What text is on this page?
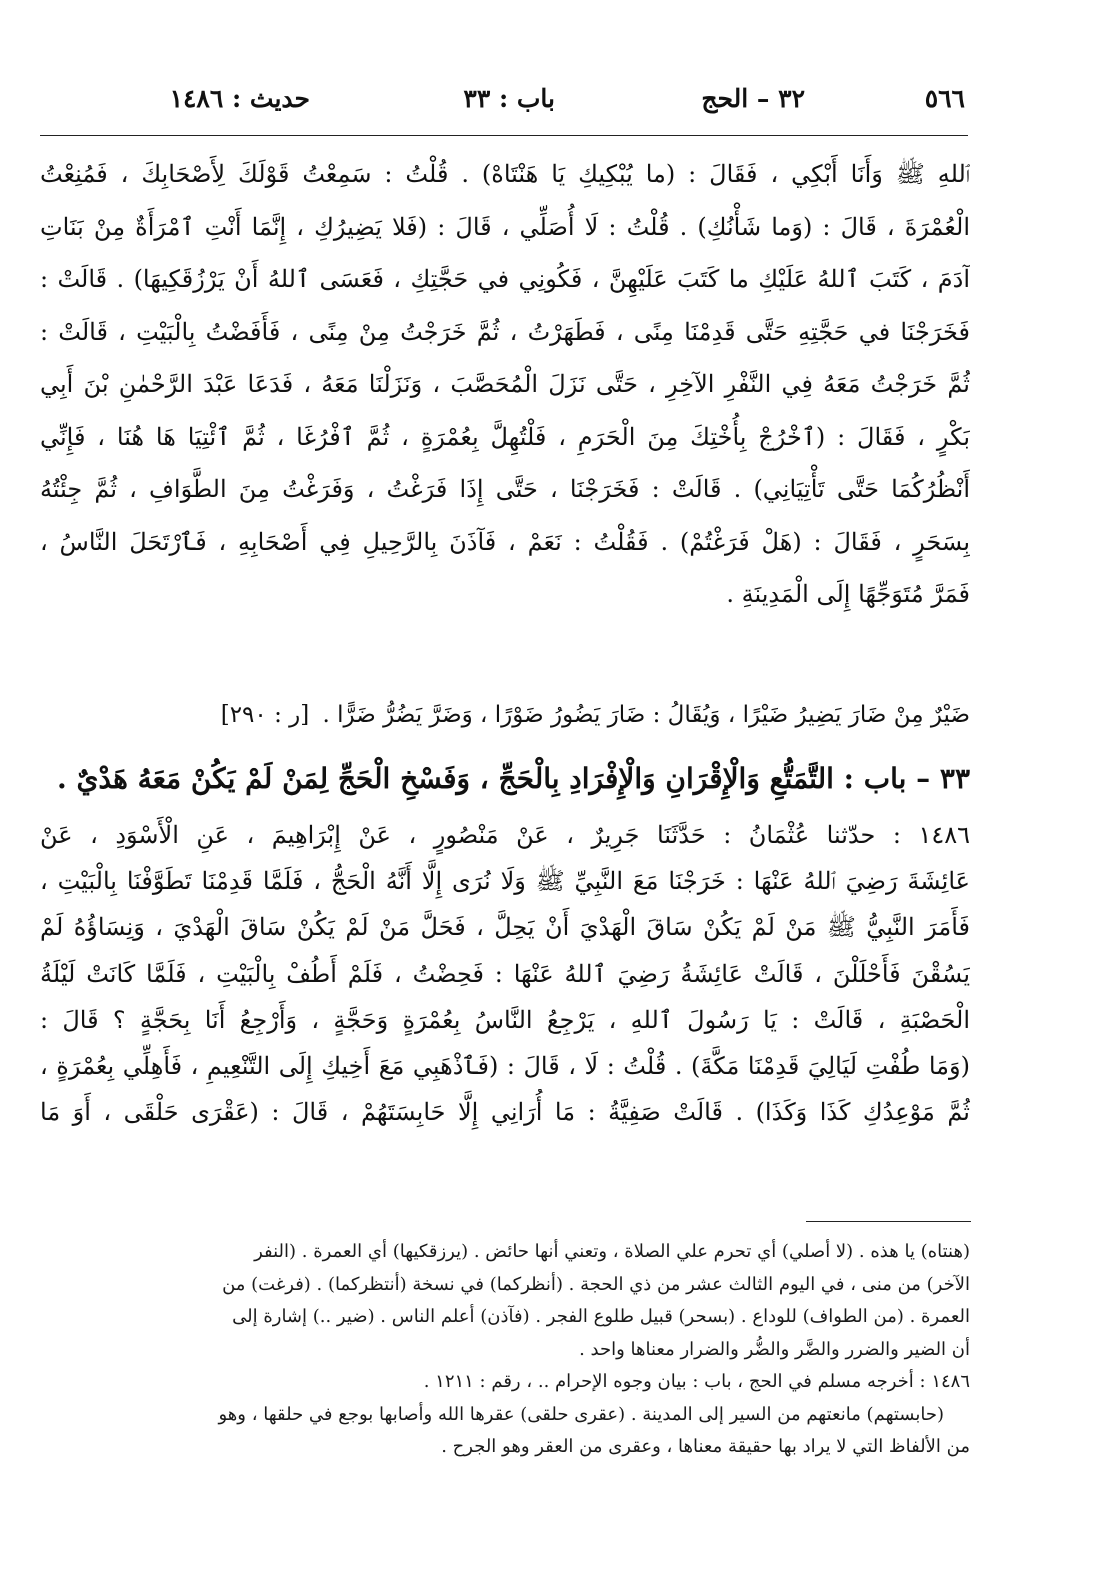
٥٦٦
٣٢ – الحج
باب : ٣٣
حديث : ١٤٨٦
ٱللهِ ﷺ وَأَنَا أَبْكِي ، فَقَالَ : (ما يُبْكِيكِ يَا هَنْتَاهْ) . قُلْتُ : سَمِعْتُ قَوْلَكَ لِأَصْحَابِكَ ، فَمُنِعْتُ
الْعُمْرَةَ ، قَالَ : (وَما شَأْنُكِ) . قُلْتُ : لَا أُصَلِّي ، قَالَ : (فَلا يَضِيرُكِ ، إِنَّمَا أَنْتِ ٱمْرَأَةٌ مِنْ بَنَاتِ
آدَمَ ، كَتَبَ ٱللهُ عَلَيْكِ ما كَتَبَ عَلَيْهِنَّ ، فَكُونِي في حَجَّتِكِ ، فَعَسَى ٱللهُ أَنْ يَرْزُقَكِيهَا) . قَالَتْ :
فَخَرَجْنَا في حَجَّتِهِ حَتَّى قَدِمْنَا مِنًى ، فَطَهَرْتُ ، ثُمَّ خَرَجْتُ مِنْ مِنًى ، فَأَفَضْتُ بِالْبَيْتِ ، قَالَتْ :
ثُمَّ خَرَجْتُ مَعَهُ فِي النَّفْرِ الآخِرِ ، حَتَّى نَزَلَ الْمُحَصَّبَ ، وَنَزَلْنَا مَعَهُ ، فَدَعَا عَبْدَ الرَّحْمٰنِ بْنَ أَبِي
بَكْرٍ ، فَقَالَ : (ٱخْرُجْ بِأُخْتِكَ مِنَ الْحَرَمِ ، فَلْتُهِلَّ بِعُمْرَةٍ ، ثُمَّ ٱفْرُغَا ، ثُمَّ ٱئْتِيَا هَا هُنَا ، فَإِنِّي
أَنْظُرُكُمَا حَتَّى تَأْتِيَانِي) . قَالَتْ : فَخَرَجْنَا ، حَتَّى إِذَا فَرَغْتُ ، وَفَرَغْتُ مِنَ الطَّوَافِ ، ثُمَّ جِئْتُهُ
بِسَحَرٍ ، فَقَالَ : (هَلْ فَرَغْتُمْ) . فَقُلْتُ : نَعَمْ ، فَآذَنَ بِالرَّحِيلِ فِي أَصْحَابِهِ ، فَٱرْتَحَلَ النَّاسُ ،
فَمَرَّ مُتَوَجِّهًا إِلَى الْمَدِينَةِ .
ضَيْرٌ مِنْ ضَارَ يَضِيرُ ضَيْرًا ، وَيُقَالُ : ضَارَ يَضُورُ ضَوْرًا ، وَضَرَّ يَضُرُّ ضَرًّا . [ر : ٢٩٠]
٣٣ – باب : التَّمَتُّعِ وَالْإِقْرَانِ وَالْإِفْرَادِ بِالْحَجِّ ، وَفَسْخِ الْحَجِّ لِمَنْ لَمْ يَكُنْ مَعَهُ هَدْيٌ .
١٤٨٦ : حدّثنا عُثْمَانُ : حَدَّثَنَا جَرِيرٌ ، عَنْ مَنْصُورٍ ، عَنْ إِبْرَاهِيمَ ، عَنِ الْأَسْوَدِ ، عَنْ
عَائِشَةَ رَضِيَ ٱللهُ عَنْهَا : خَرَجْنَا مَعَ النَّبِيِّ ﷺ وَلَا نُرَى إِلَّا أَنَّهُ الْحَجُّ ، فَلَمَّا قَدِمْنَا تَطَوَّفْنَا بِالْبَيْتِ ،
فَأَمَرَ النَّبِيُّ ﷺ مَنْ لَمْ يَكُنْ سَاقَ الْهَدْيَ أَنْ يَحِلَّ ، فَحَلَّ مَنْ لَمْ يَكُنْ سَاقَ الْهَدْيَ ، وَنِسَاؤُهُ لَمْ
يَسُقْنَ فَأَحْلَلْنَ ، قَالَتْ عَائِشَةُ رَضِيَ ٱللهُ عَنْهَا : فَحِضْتُ ، فَلَمْ أَطُفْ بِالْبَيْتِ ، فَلَمَّا كَانَتْ لَيْلَةُ
الْحَصْبَةِ ، قَالَتْ : يَا رَسُولَ ٱللهِ ، يَرْجِعُ النَّاسُ بِعُمْرَةٍ وَحَجَّةٍ ، وَأَرْجِعُ أَنَا بِحَجَّةٍ ؟ قَالَ :
(وَمَا طُفْتِ لَيَالِيَ قَدِمْنَا مَكَّةَ) . قُلْتُ : لَا ، قَالَ : (فَٱذْهَبِي مَعَ أَخِيكِ إِلَى التَّنْعِيمِ ، فَأَهِلِّي بِعُمْرَةٍ ،
ثُمَّ مَوْعِدُكِ كَذَا وَكَذَا) . قَالَتْ صَفِيَّةُ : مَا أُرَانِي إِلَّا حَابِسَتَهُمْ ، قَالَ : (عَقْرَى حَلْقَى ، أَوَ مَا
(هنتاه) يا هذه . (لا أصلي) أي تحرم علي الصلاة ، وتعني أنها حائض . (يرزقكيها) أي العمرة . (النفر
الآخر) من منى ، في اليوم الثالث عشر من ذي الحجة . (أنظركما) في نسخة (أنتظركما) . (فرغت) من
العمرة . (من الطواف) للوداع . (بسحر) قبيل طلوع الفجر . (فآذن) أعلم الناس . (ضير ..) إشارة إلى
أن الضير والضرر والضَّر والضُّر والضرار معناها واحد .
١٤٨٦ : أخرجه مسلم في الحج ، باب : بيان وجوه الإحرام .. ، رقم : ١٢١١ .
(حابستهم) مانعتهم من السير إلى المدينة . (عقرى حلقى) عقرها الله وأصابها بوجع في حلقها ، وهو
من الألفاظ التي لا يراد بها حقيقة معناها ، وعقرى من العقر وهو الجرح .
